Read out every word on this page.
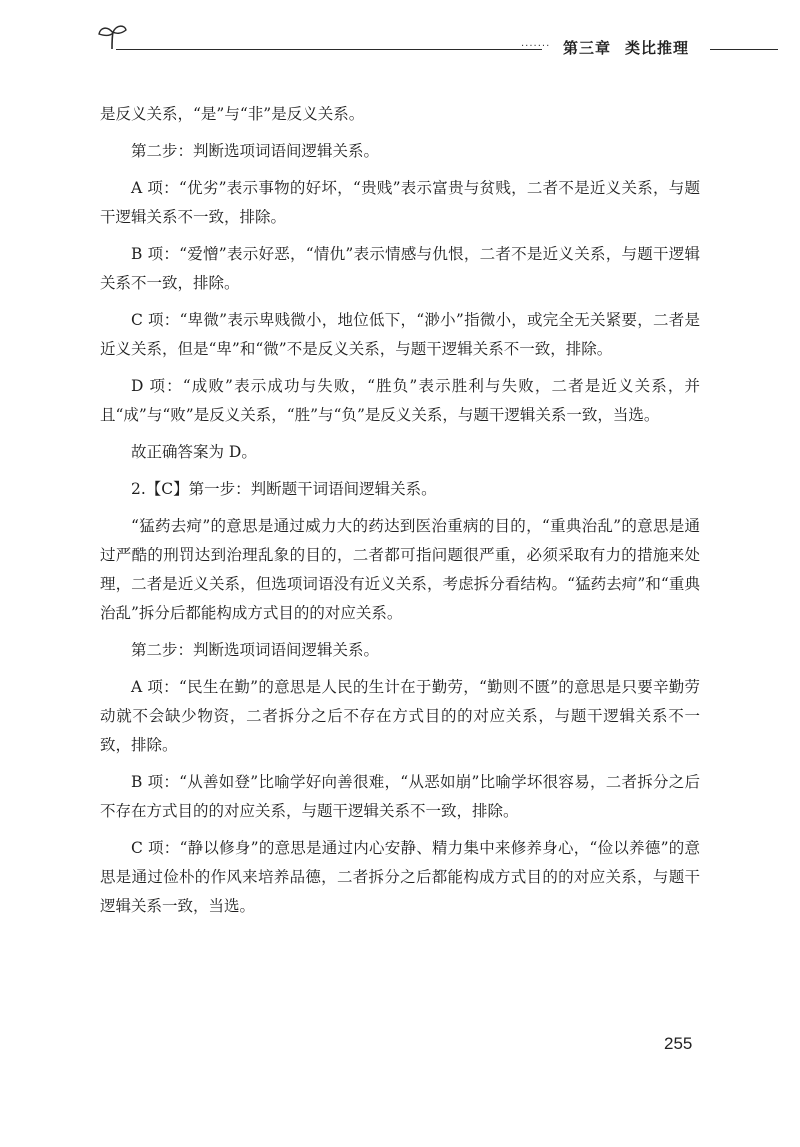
······· 第三章 类比推理

是反义关系，“是”与“非”是反义关系。

第二步：判断选项词语间逻辑关系。

A 项：“优劣”表示事物的好坏，“贵贱”表示富贵与贫贱，二者不是近义关系，与题干逻辑关系不一致，排除。

B 项：“爱憎”表示好恶，“情仇”表示情感与仇恨，二者不是近义关系，与题干逻辑关系不一致，排除。

C 项：“卑微”表示卑贱微小，地位低下，“渺小”指微小，或完全无关紧要，二者是近义关系，但是“卑”和“微”不是反义关系，与题干逻辑关系不一致，排除。

D 项：“成败”表示成功与失败，“胜负”表示胜利与失败，二者是近义关系，并且“成”与“败”是反义关系，“胜”与“负”是反义关系，与题干逻辑关系一致，当选。

故正确答案为 D。

2.【C】第一步：判断题干词语间逻辑关系。

“猛药去疴”的意思是通过威力大的药达到医治重病的目的，“重典治乱”的意思是通过严酷的刑罚达到治理乱象的目的，二者都可指问题很严重，必须采取有力的措施来处理，二者是近义关系，但选项词语没有近义关系，考虑拆分看结构。“猛药去疴”和“重典治乱”拆分后都能构成方式目的的对应关系。

第二步：判断选项词语间逻辑关系。

A 项：“民生在勤”的意思是人民的生计在于勤劳，“勤则不匮”的意思是只要辛勤劳动就不会缺少物资，二者拆分之后不存在方式目的的对应关系，与题干逻辑关系不一致，排除。

B 项：“从善如登”比喻学好向善很难，“从恶如崩”比喻学坏很容易，二者拆分之后不存在方式目的的对应关系，与题干逻辑关系不一致，排除。

C 项：“静以修身”的意思是通过内心安静、精力集中来修养身心，“俭以养德”的意思是通过俭朴的作风来培养品德，二者拆分之后都能构成方式目的的对应关系，与题干逻辑关系一致，当选。

255
